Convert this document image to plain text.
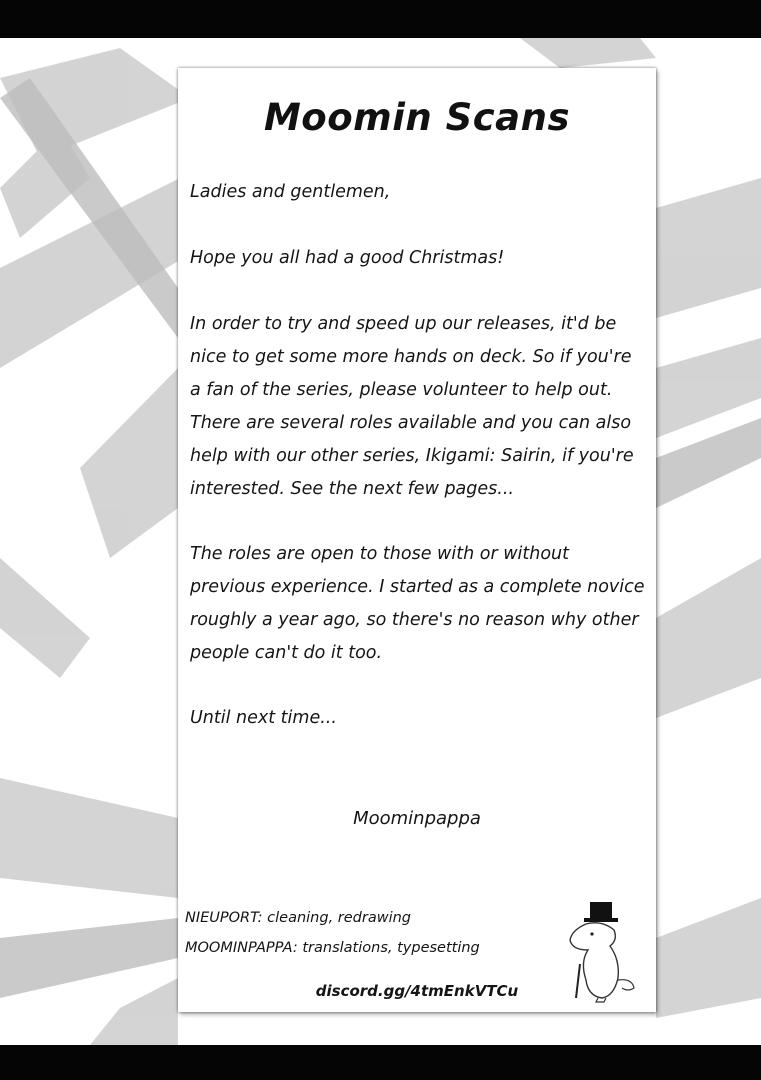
Moomin Scans

Ladies and gentlemen,

Hope you all had a good Christmas!

In order to try and speed up our releases, it'd be nice to get some more hands on deck. So if you're a fan of the series, please volunteer to help out. There are several roles available and you can also help with our other series, Ikigami: Sairin, if you're interested. See the next few pages...

The roles are open to those with or without previous experience. I started as a complete novice roughly a year ago, so there's no reason why other people can't do it too.

Until next time...

Moominpappa
NIEUPORT: cleaning, redrawing
MOOMINPAPPA: translations, typesetting
discord.gg/4tmEnkVTCu
